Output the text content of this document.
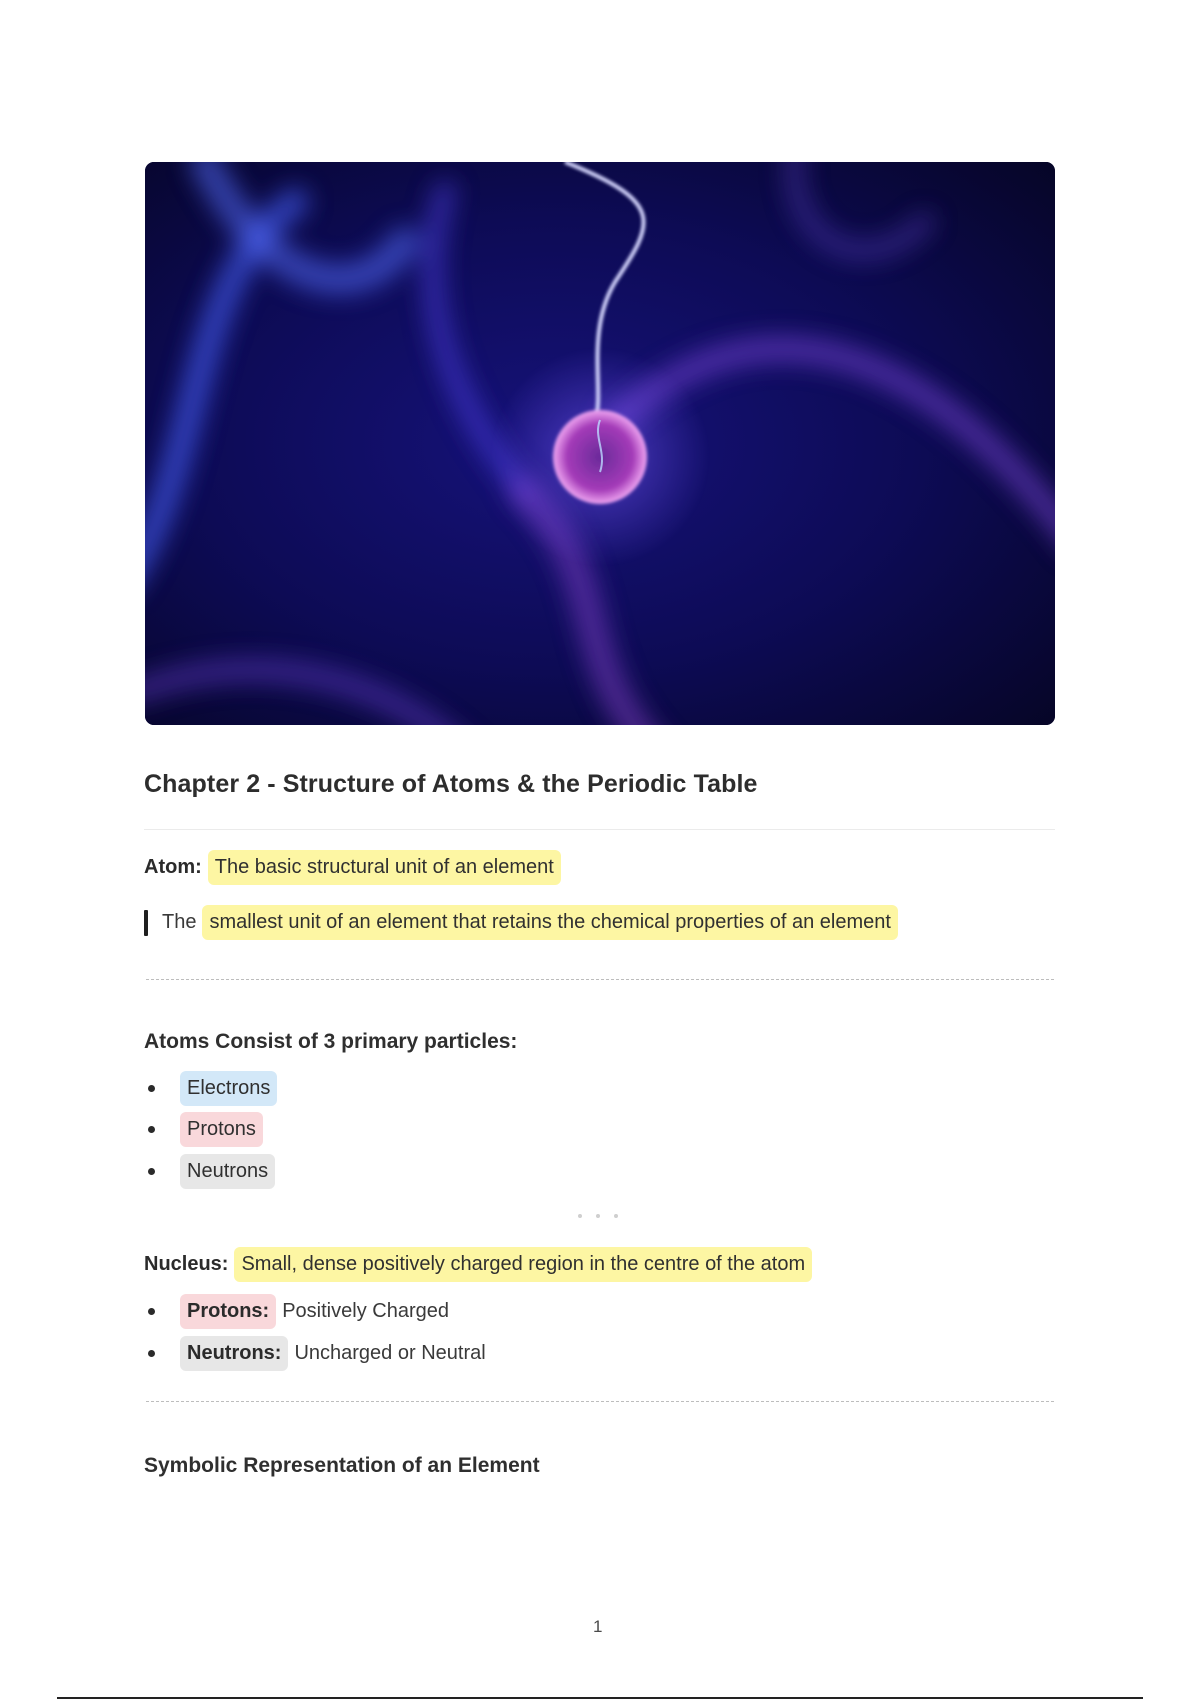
Chapter 2 - Structure of Atoms & the Periodic Table
Atom: The basic structural unit of an element
The smallest unit of an element that retains the chemical properties of an element
Atoms Consist of 3 primary particles:
Electrons
Protons
Neutrons
Nucleus: Small, dense positively charged region in the centre of the atom
Protons: Positively Charged
Neutrons: Uncharged or Neutral
Symbolic Representation of an Element
1
